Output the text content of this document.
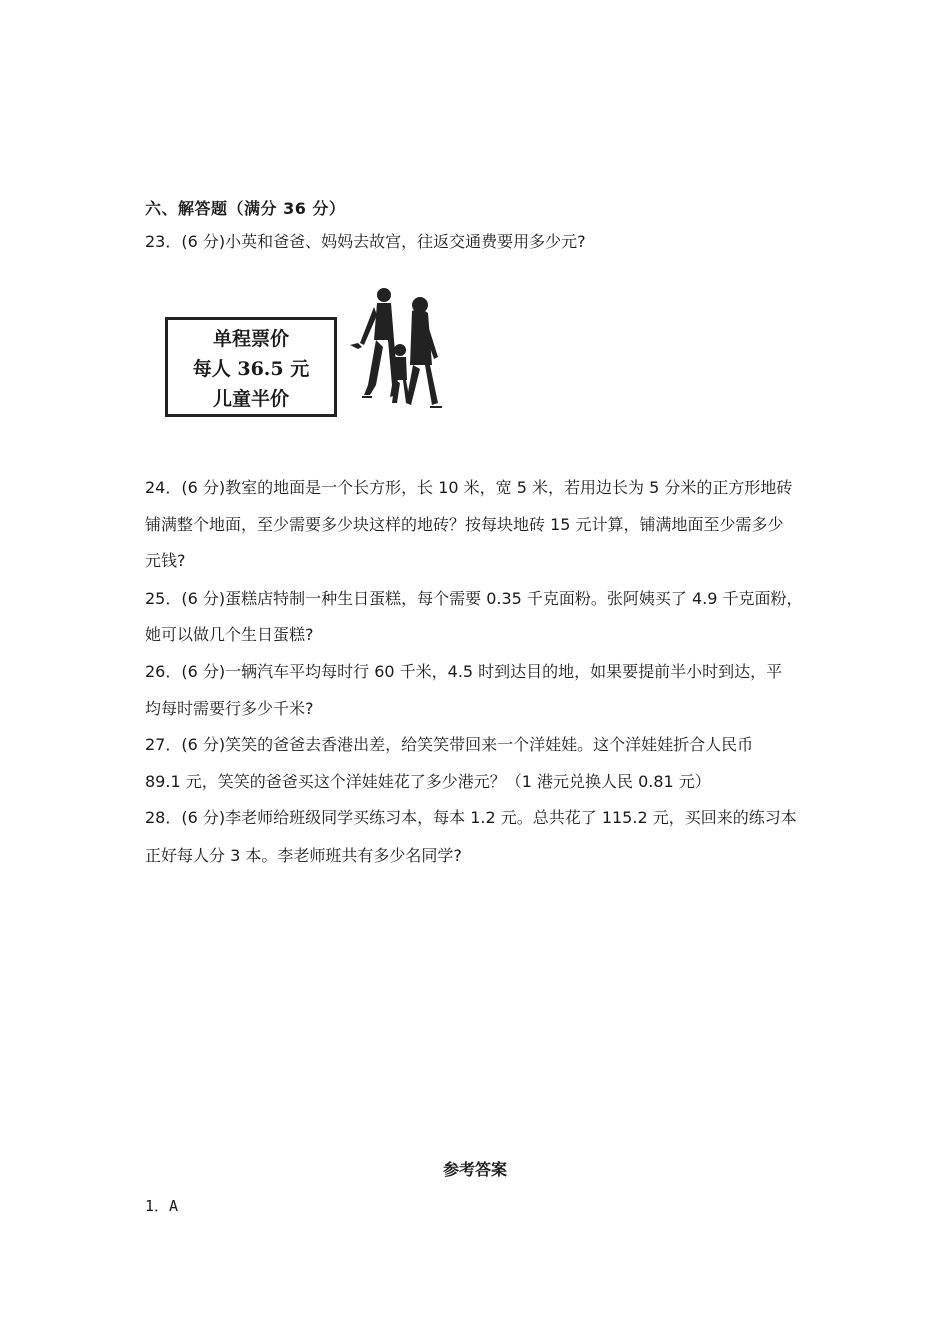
六、解答题（满分 36 分）
23．(6 分)小英和爸爸、妈妈去故宫，往返交通费要用多少元?
单程票价
每人 36.5 元
儿童半价
24．(6 分)教室的地面是一个长方形，长 10 米，宽 5 米，若用边长为 5 分米的正方形地砖
铺满整个地面，至少需要多少块这样的地砖？按每块地砖 15 元计算，铺满地面至少需多少
元钱?
25．(6 分)蛋糕店特制一种生日蛋糕，每个需要 0.35 千克面粉。张阿姨买了 4.9 千克面粉，
她可以做几个生日蛋糕?
26．(6 分)一辆汽车平均每时行 60 千米，4.5 时到达目的地，如果要提前半小时到达，平
均每时需要行多少千米?
27．(6 分)笑笑的爸爸去香港出差，给笑笑带回来一个洋娃娃。这个洋娃娃折合人民币
89.1 元，笑笑的爸爸买这个洋娃娃花了多少港元？（1 港元兑换人民 0.81 元）
28．(6 分)李老师给班级同学买练习本，每本 1.2 元。总共花了 115.2 元，买回来的练习本
正好每人分 3 本。李老师班共有多少名同学?
参考答案
1．A
